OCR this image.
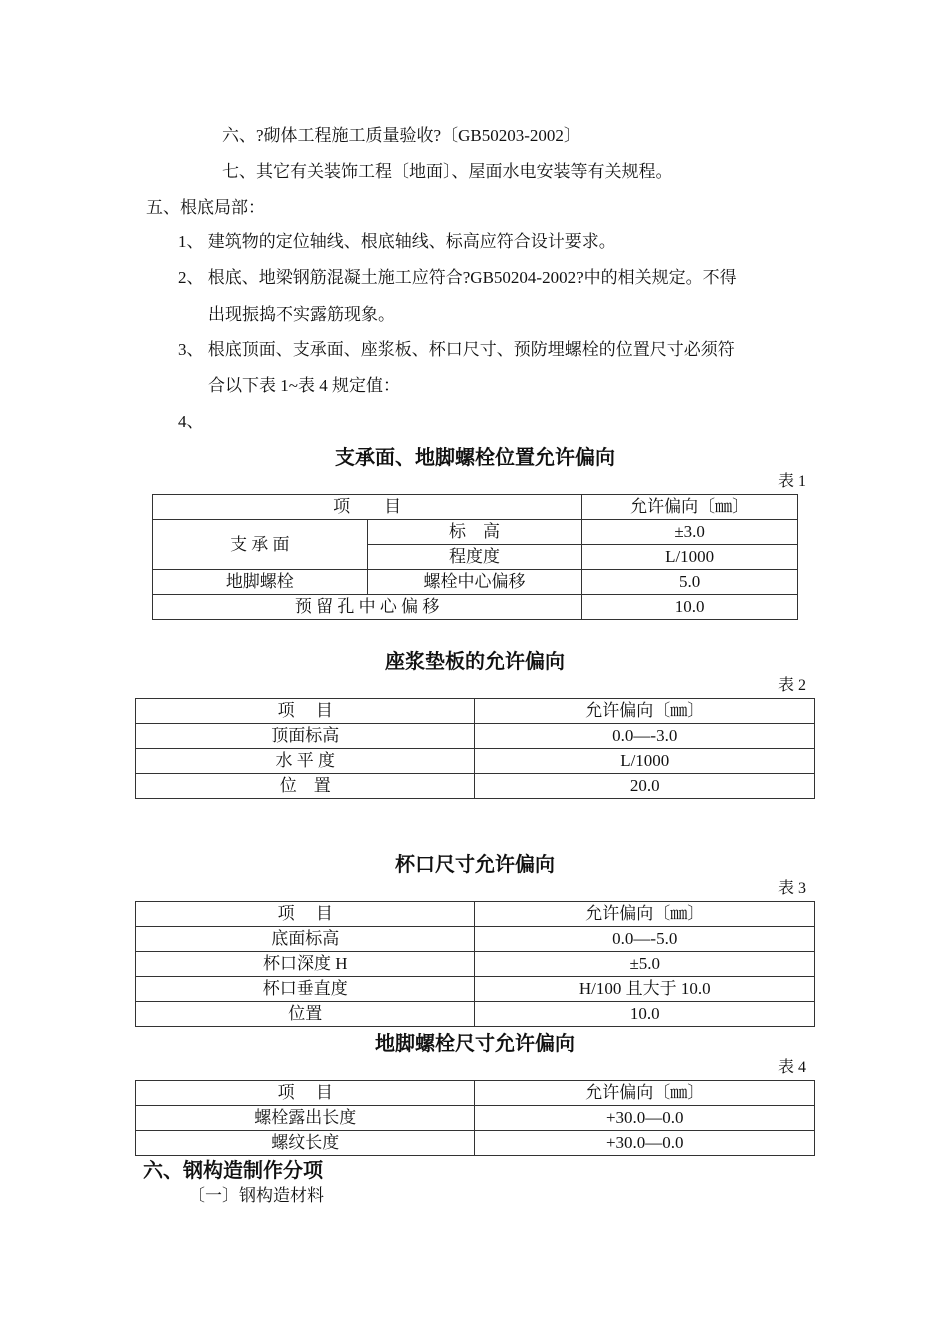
六、?砌体工程施工质量验收?〔GB50203-2002〕
七、其它有关装饰工程〔地面〕、屋面水电安装等有关规程。
五、根底局部：
1、 建筑物的定位轴线、根底轴线、标高应符合设计要求。
2、 根底、地梁钢筋混凝土施工应符合?GB50204-2002?中的相关规定。不得
出现振捣不实露筋现象。
3、 根底顶面、支承面、座浆板、杯口尺寸、预防埋螺栓的位置尺寸必须符
合以下表 1~表 4 规定值：
4、
支承面、地脚螺栓位置允许偏向
表 1
项　　目		允许偏向〔㎜〕
支 承 面	标　高	±3.0
	程度度	L/1000
地脚螺栓	螺栓中心偏移	5.0
预 留 孔 中 心 偏 移		10.0
座浆垫板的允许偏向
表 2
项　 目	允许偏向〔㎜〕
顶面标高	0.0—-3.0
水 平 度	L/1000
位　置	20.0
杯口尺寸允许偏向
表 3
项　 目	允许偏向〔㎜〕
底面标高	0.0—-5.0
杯口深度 H	±5.0
杯口垂直度	H/100 且大于 10.0
位置	10.0
地脚螺栓尺寸允许偏向
表 4
项　 目	允许偏向〔㎜〕
螺栓露出长度	+30.0—0.0
螺纹长度	+30.0—0.0
六、钢构造制作分项
〔一〕钢构造材料
